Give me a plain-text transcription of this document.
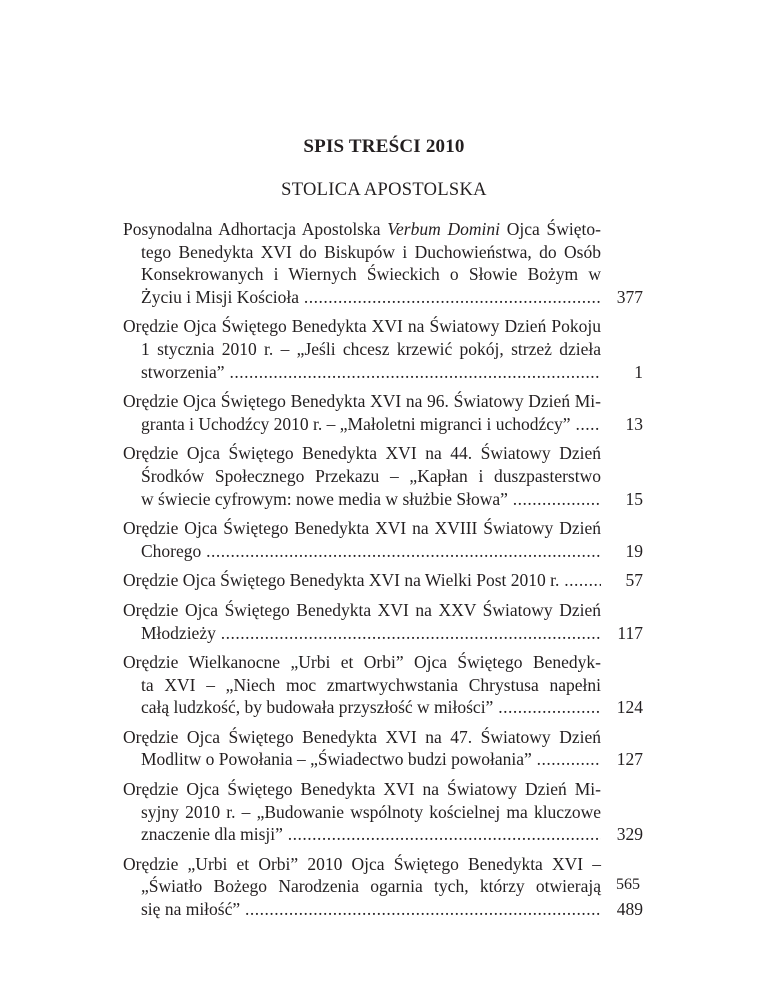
SPIS TREŚCI 2010
STOLICA APOSTOLSKA
Posynodalna Adhortacja Apostolska Verbum Domini Ojca Święto-
tego Benedykta XVI do Biskupów i Duchowieństwa, do Osób
Konsekrowanych i Wiernych Świeckich o Słowie Bożym w
Życiu i Misji Kościoła .....	377
Orędzie Ojca Świętego Benedykta XVI na Światowy Dzień Pokoju
1 stycznia 2010 r. – „Jeśli chcesz krzewić pokój, strzeż dzieła
stworzenia” .....	1
Orędzie Ojca Świętego Benedykta XVI na 96. Światowy Dzień Mi-
granta i Uchodźcy 2010 r. – „Małoletni migranci i uchodźcy” .....	13
Orędzie Ojca Świętego Benedykta XVI na 44. Światowy Dzień
Środków Społecznego Przekazu – „Kapłan i duszpasterstwo
w świecie cyfrowym: nowe media w służbie Słowa” .....	15
Orędzie Ojca Świętego Benedykta XVI na XVIII Światowy Dzień
Chorego .....	19
Orędzie Ojca Świętego Benedykta XVI na Wielki Post 2010 r. .....	57
Orędzie Ojca Świętego Benedykta XVI na XXV Światowy Dzień
Młodzieży .....	117
Orędzie Wielkanocne „Urbi et Orbi” Ojca Świętego Benedyk-
ta XVI – „Niech moc zmartwychwstania Chrystusa napełni
całą ludzkość, by budowała przyszłość w miłości” .....	124
Orędzie Ojca Świętego Benedykta XVI na 47. Światowy Dzień
Modlitw o Powołania – „Świadectwo budzi powołania” .....	127
Orędzie Ojca Świętego Benedykta XVI na Światowy Dzień Mi-
syjny 2010 r. – „Budowanie wspólnoty kościelnej ma kluczowe
znaczenie dla misji” .....	329
Orędzie „Urbi et Orbi” 2010 Ojca Świętego Benedykta XVI –
„Światło Bożego Narodzenia ogarnia tych, którzy otwierają
się na miłość” .....	489
565
